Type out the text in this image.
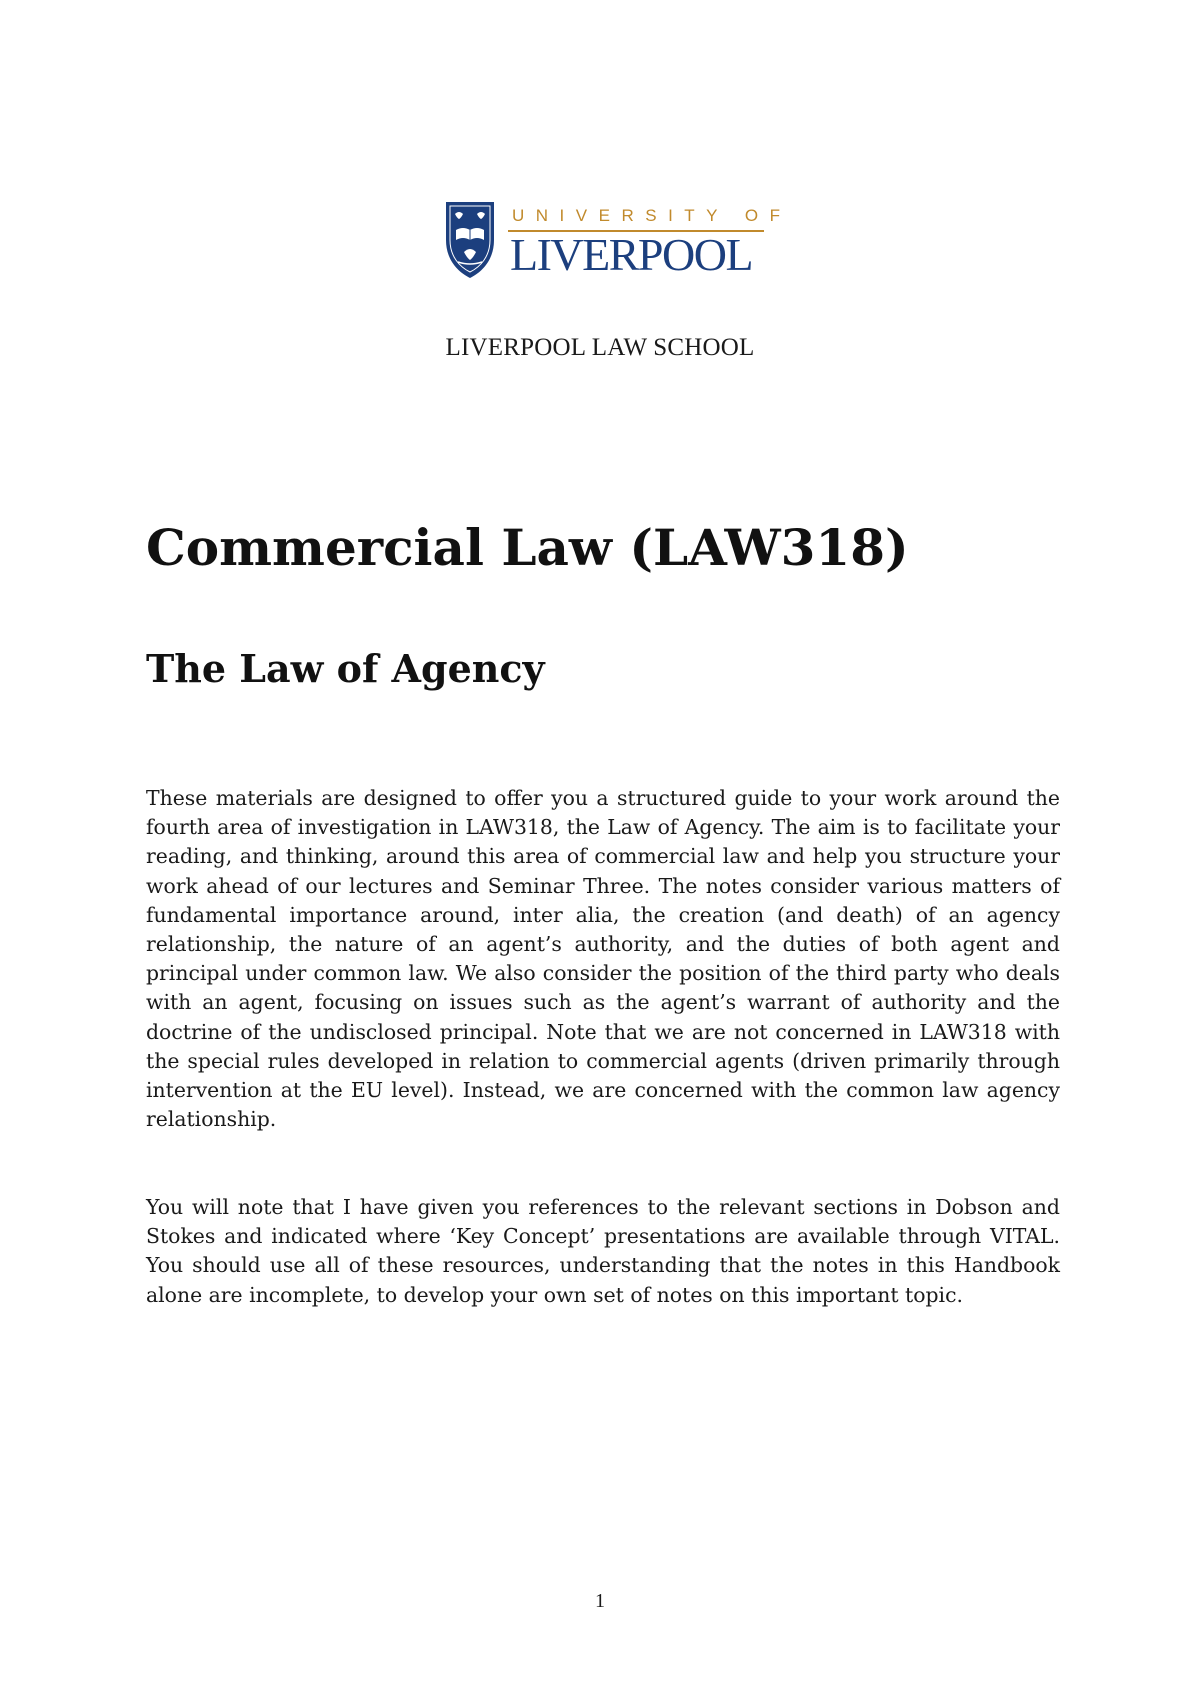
UNIVERSITY OF
LIVERPOOL
LIVERPOOL LAW SCHOOL
Commercial Law (LAW318)
The Law of Agency

These materials are designed to offer you a structured guide to your work around the fourth area of investigation in LAW318, the Law of Agency. The aim is to facilitate your reading, and thinking, around this area of commercial law and help you structure your work ahead of our lectures and Seminar Three. The notes consider various matters of fundamental importance around, inter alia, the creation (and death) of an agency relationship, the nature of an agent’s authority, and the duties of both agent and principal under common law. We also consider the position of the third party who deals with an agent, focusing on issues such as the agent’s warrant of authority and the doctrine of the undisclosed principal. Note that we are not concerned in LAW318 with the special rules developed in relation to commercial agents (driven primarily through intervention at the EU level). Instead, we are concerned with the common law agency relationship.

You will note that I have given you references to the relevant sections in Dobson and Stokes and indicated where ‘Key Concept’ presentations are available through VITAL. You should use all of these resources, understanding that the notes in this Handbook alone are incomplete, to develop your own set of notes on this important topic.

1
